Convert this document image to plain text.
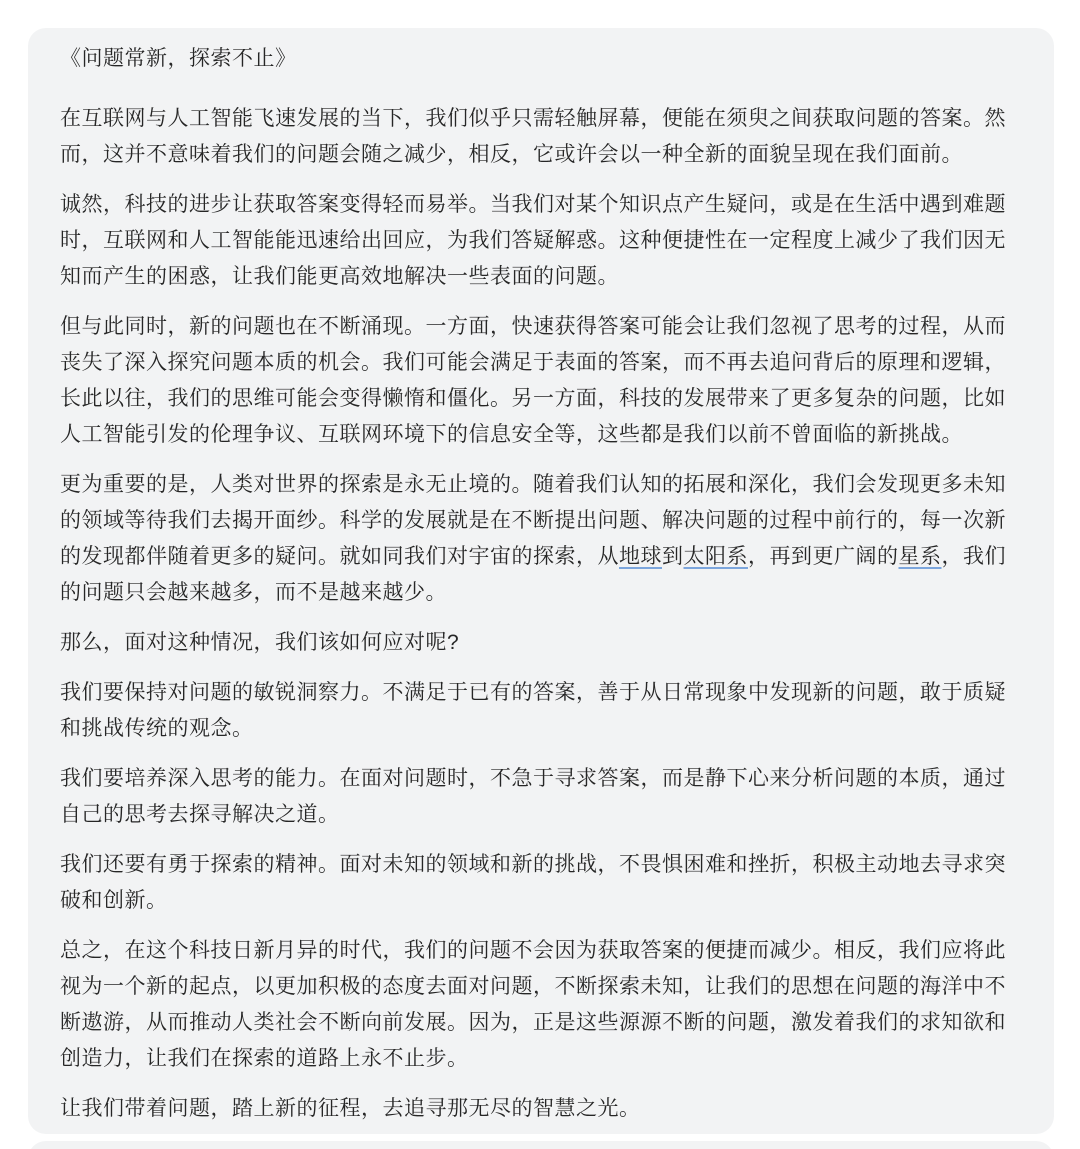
《问题常新，探索不止》

在互联网与人工智能飞速发展的当下，我们似乎只需轻触屏幕，便能在须臾之间获取问题的答案。然而，这并不意味着我们的问题会随之减少，相反，它或许会以一种全新的面貌呈现在我们面前。

诚然，科技的进步让获取答案变得轻而易举。当我们对某个知识点产生疑问，或是在生活中遇到难题时，互联网和人工智能能迅速给出回应，为我们答疑解惑。这种便捷性在一定程度上减少了我们因无知而产生的困惑，让我们能更高效地解决一些表面的问题。

但与此同时，新的问题也在不断涌现。一方面，快速获得答案可能会让我们忽视了思考的过程，从而丧失了深入探究问题本质的机会。我们可能会满足于表面的答案，而不再去追问背后的原理和逻辑，长此以往，我们的思维可能会变得懒惰和僵化。另一方面，科技的发展带来了更多复杂的问题，比如人工智能引发的伦理争议、互联网环境下的信息安全等，这些都是我们以前不曾面临的新挑战。

更为重要的是，人类对世界的探索是永无止境的。随着我们认知的拓展和深化，我们会发现更多未知的领域等待我们去揭开面纱。科学的发展就是在不断提出问题、解决问题的过程中前行的，每一次新的发现都伴随着更多的疑问。就如同我们对宇宙的探索，从地球到太阳系，再到更广阔的星系，我们的问题只会越来越多，而不是越来越少。

那么，面对这种情况，我们该如何应对呢?

我们要保持对问题的敏锐洞察力。不满足于已有的答案，善于从日常现象中发现新的问题，敢于质疑和挑战传统的观念。

我们要培养深入思考的能力。在面对问题时，不急于寻求答案，而是静下心来分析问题的本质，通过自己的思考去探寻解决之道。

我们还要有勇于探索的精神。面对未知的领域和新的挑战，不畏惧困难和挫折，积极主动地去寻求突破和创新。

总之，在这个科技日新月异的时代，我们的问题不会因为获取答案的便捷而减少。相反，我们应将此视为一个新的起点，以更加积极的态度去面对问题，不断探索未知，让我们的思想在问题的海洋中不断遨游，从而推动人类社会不断向前发展。因为，正是这些源源不断的问题，激发着我们的求知欲和创造力，让我们在探索的道路上永不止步。

让我们带着问题，踏上新的征程，去追寻那无尽的智慧之光。
